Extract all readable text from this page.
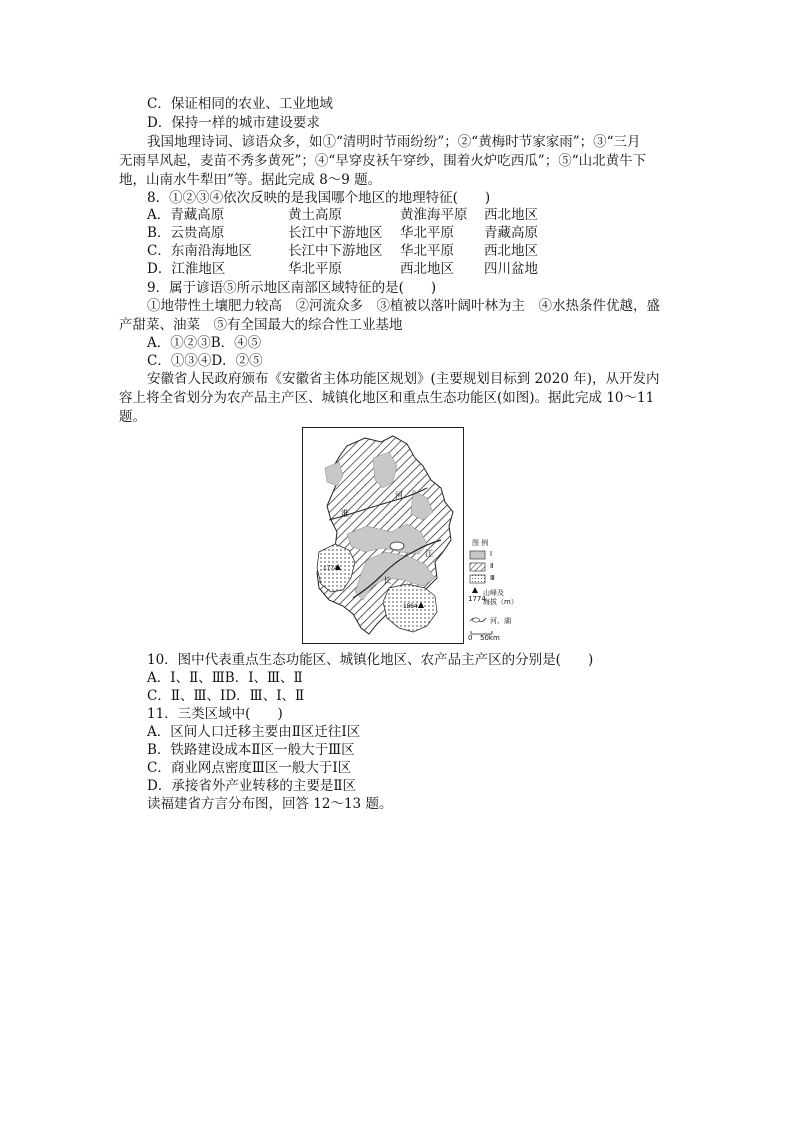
C．保证相同的农业、工业地域
D．保持一样的城市建设要求
我国地理诗词、谚语众多，如①“清明时节雨纷纷”；②“黄梅时节家家雨”；③“三月
无雨旱风起，麦苗不秀多黄死”；④“早穿皮袄午穿纱，围着火炉吃西瓜”；⑤“山北黄牛下
地，山南水牛犁田”等。据此完成 8～9 题。
8．①②③④依次反映的是我国哪个地区的地理特征(　　)
A．青藏高原	黄土高原	黄淮海平原 西北地区
B．云贵高原	长江中下游地区 华北平原 青藏高原
C．东南沿海地区	长江中下游地区 华北平原 西北地区
D．江淮地区	华北平原	西北地区 四川盆地
9．属于谚语⑤所示地区南部区域特征的是(　　)
①地带性土壤肥力较高　②河流众多　③植被以落叶阔叶林为主　④水热条件优越，盛
产甜菜、油菜　⑤有全国最大的综合性工业基地
A．①②③B．④⑤
C．①③④D．②⑤
安徽省人民政府颁布《安徽省主体功能区规划》(主要规划目标到 2020 年)，从开发内
容上将全省划分为农产品主产区、城镇化地区和重点生态功能区(如图)。据此完成 10～11
题。
10．图中代表重点生态功能区、城镇化地区、农产品主产区的分别是(　　)
A．Ⅰ、Ⅱ、ⅢB．Ⅰ、Ⅲ、Ⅱ
C．Ⅱ、Ⅲ、ⅠD．Ⅲ、Ⅰ、Ⅱ
11．三类区域中(　　)
A．区间人口迁移主要由Ⅱ区迁往Ⅰ区
B．铁路建设成本Ⅱ区一般大于Ⅲ区
C．商业网点密度Ⅲ区一般大于Ⅰ区
D．承接省外产业转移的主要是Ⅱ区
读福建省方言分布图，回答 12～13 题。
河
淮
江
长
1774
1864.8
图 例
Ⅰ
Ⅱ
Ⅲ
1774
山峰及
海拔（m）
河、湖
0 50km
